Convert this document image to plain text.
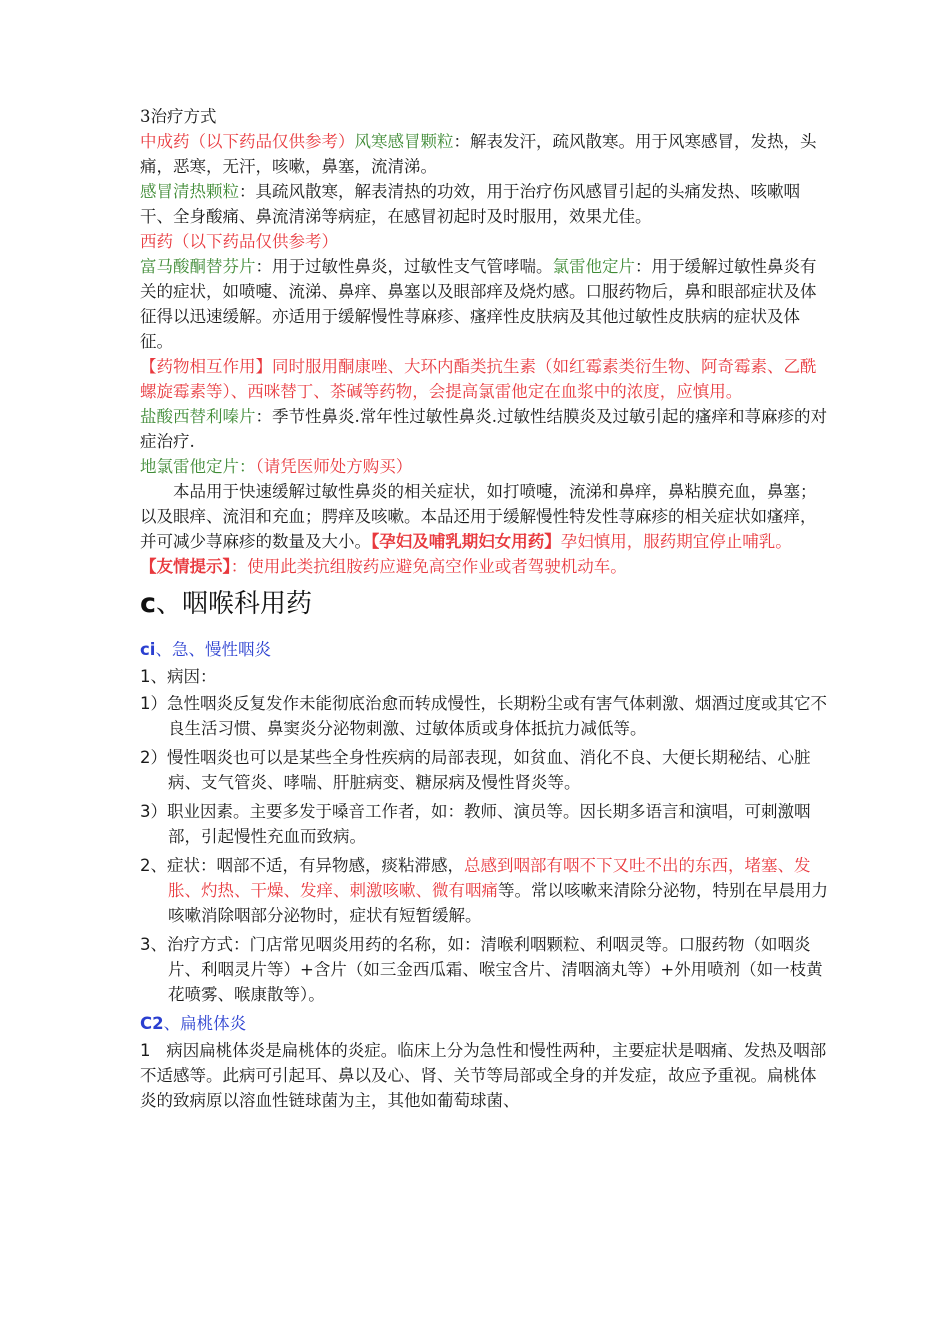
3治疗方式

中成药（以下药品仅供参考）风寒感冒颗粒：解表发汗，疏风散寒。用于风寒感冒，发热，头痛，恶寒，无汗，咳嗽，鼻塞，流清涕。

感冒清热颗粒：具疏风散寒，解表清热的功效，用于治疗伤风感冒引起的头痛发热、咳嗽咽干、全身酸痛、鼻流清涕等病症，在感冒初起时及时服用，效果尤佳。

西药（以下药品仅供参考）

富马酸酮替芬片：用于过敏性鼻炎，过敏性支气管哮喘。氯雷他定片：用于缓解过敏性鼻炎有关的症状，如喷嚏、流涕、鼻痒、鼻塞以及眼部痒及烧灼感。口服药物后，鼻和眼部症状及体征得以迅速缓解。亦适用于缓解慢性荨麻疹、瘙痒性皮肤病及其他过敏性皮肤病的症状及体征。

【药物相互作用】同时服用酮康唑、大环内酯类抗生素（如红霉素类衍生物、阿奇霉素、乙酰螺旋霉素等）、西咪替丁、茶碱等药物，会提高氯雷他定在血浆中的浓度，应慎用。

盐酸西替利嗪片：季节性鼻炎.常年性过敏性鼻炎.过敏性结膜炎及过敏引起的瘙痒和荨麻疹的对症治疗.

地氯雷他定片：（请凭医师处方购买）

本品用于快速缓解过敏性鼻炎的相关症状，如打喷嚏，流涕和鼻痒，鼻粘膜充血，鼻塞；以及眼痒、流泪和充血；腭痒及咳嗽。本品还用于缓解慢性特发性荨麻疹的相关症状如瘙痒，并可减少荨麻疹的数量及大小。【孕妇及哺乳期妇女用药】孕妇慎用，服药期宜停止哺乳。

【友情提示】：使用此类抗组胺药应避免高空作业或者驾驶机动车。

c、咽喉科用药

ci、急、慢性咽炎

1、病因：

1）急性咽炎反复发作未能彻底治愈而转成慢性，长期粉尘或有害气体刺激、烟酒过度或其它不良生活习惯、鼻窦炎分泌物刺激、过敏体质或身体抵抗力减低等。
2）慢性咽炎也可以是某些全身性疾病的局部表现，如贫血、消化不良、大便长期秘结、心脏病、支气管炎、哮喘、肝脏病变、糖尿病及慢性肾炎等。
3）职业因素。主要多发于嗓音工作者，如：教师、演员等。因长期多语言和演唱，可刺激咽部，引起慢性充血而致病。
2、症状：咽部不适，有异物感，痰粘滞感，总感到咽部有咽不下又吐不出的东西，堵塞、发胀、灼热、干燥、发痒、刺激咳嗽、微有咽痛等。常以咳嗽来清除分泌物，特别在早晨用力咳嗽消除咽部分泌物时，症状有短暂缓解。
3、治疗方式：门店常见咽炎用药的名称，如：清喉利咽颗粒、利咽灵等。口服药物（如咽炎片、利咽灵片等）+含片（如三金西瓜霜、喉宝含片、清咽滴丸等）+外用喷剂（如一枝黄花喷雾、喉康散等）。

C2、扁桃体炎

1 病因扁桃体炎是扁桃体的炎症。临床上分为急性和慢性两种，主要症状是咽痛、发热及咽部不适感等。此病可引起耳、鼻以及心、肾、关节等局部或全身的并发症，故应予重视。扁桃体炎的致病原以溶血性链球菌为主，其他如葡萄球菌、
